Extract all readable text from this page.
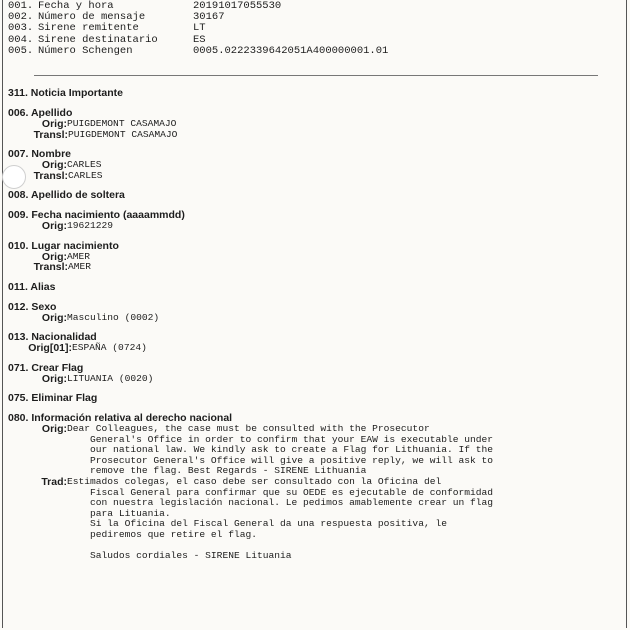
001. Fecha y hora	20191017055530
002. Número de mensaje	30167
003. Sirene remitente	LT
004. Sirene destinatario	ES
005. Número Schengen	0005.0222339642051A400000001.01
311. Noticia Importante
006. Apellido
Orig: PUIGDEMONT CASAMAJO
Transl: PUIGDEMONT CASAMAJO
007. Nombre
Orig: CARLES
Transl: CARLES
008. Apellido de soltera
009. Fecha nacimiento (aaaammdd)
Orig: 19621229
010. Lugar nacimiento
Orig: AMER
Transl: AMER
011. Alias
012. Sexo
Orig: Masculino (0002)
013. Nacionalidad
Orig[01]: ESPAÑA (0724)
071. Crear Flag
Orig: LITUANIA (0020)
075. Eliminar Flag
080. Información relativa al derecho nacional
Orig: Dear Colleagues, the case must be consulted with the Prosecutor
General's Office in order to confirm that your EAW is executable under
our national law. We kindly ask to create a Flag for Lithuania. If the
Prosecutor General's Office will give a positive reply, we will ask to
remove the flag. Best Regards - SIRENE Lithuania
Trad: Estimados colegas, el caso debe ser consultado con la Oficina del
Fiscal General para confirmar que su OEDE es ejecutable de conformidad
con nuestra legislación nacional. Le pedimos amablemente crear un flag
para Lituania.
Si la Oficina del Fiscal General da una respuesta positiva, le
pediremos que retire el flag.

Saludos cordiales - SIRENE Lituania
